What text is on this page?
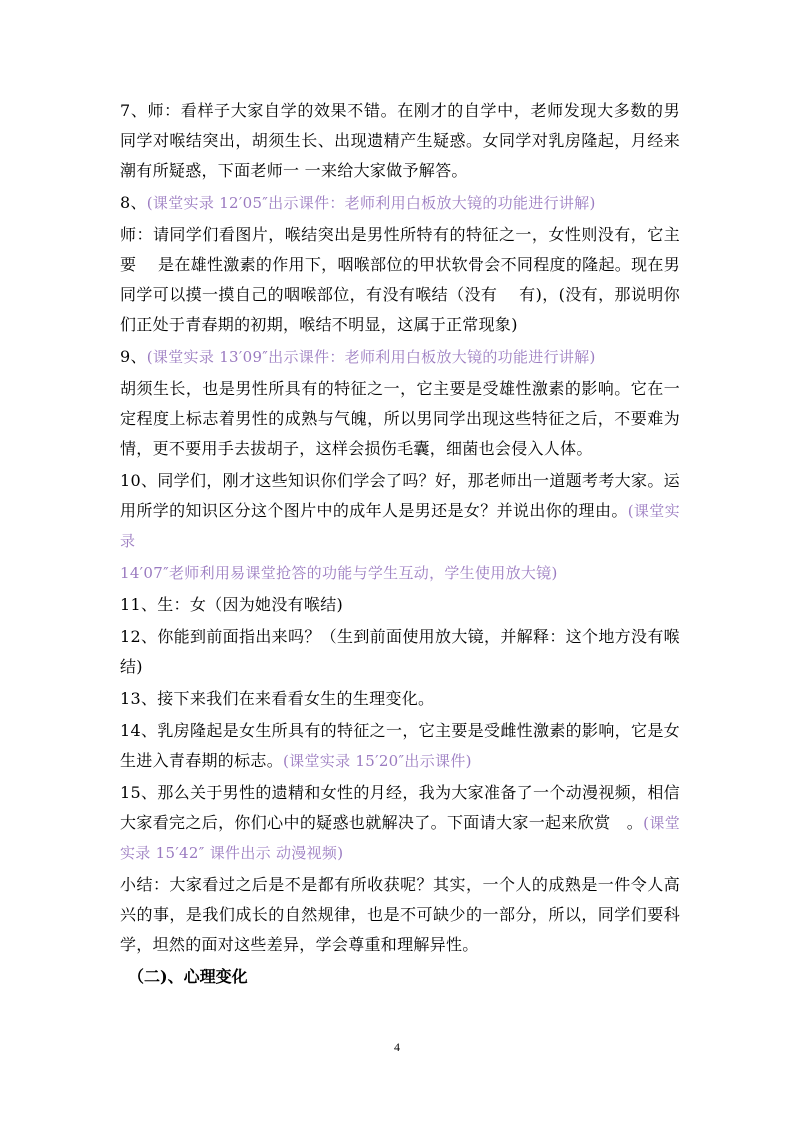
7、师：看样子大家自学的效果不错。在刚才的自学中，老师发现大多数的男同学对喉结突出，胡须生长、出现遗精产生疑惑。女同学对乳房隆起，月经来潮有所疑惑，下面老师一 一来给大家做予解答。

8、(课堂实录 12′05″出示课件：老师利用白板放大镜的功能进行讲解)

师：请同学们看图片，喉结突出是男性所特有的特征之一，女性则没有，它主要　 是在雄性激素的作用下，咽喉部位的甲状软骨会不同程度的隆起。现在男同学可以摸一摸自己的咽喉部位，有没有喉结（没有　 有)，(没有，那说明你们正处于青春期的初期，喉结不明显，这属于正常现象)

9、(课堂实录 13′09″出示课件：老师利用白板放大镜的功能进行讲解)

胡须生长，也是男性所具有的特征之一，它主要是受雄性激素的影响。它在一定程度上标志着男性的成熟与气魄，所以男同学出现这些特征之后，不要难为情，更不要用手去拔胡子，这样会损伤毛囊，细菌也会侵入人体。

10、同学们，刚才这些知识你们学会了吗？好，那老师出一道题考考大家。运用所学的知识区分这个图片中的成年人是男还是女？并说出你的理由。(课堂实录

14′07″老师利用易课堂抢答的功能与学生互动，学生使用放大镜)

11、生：女（因为她没有喉结)

12、你能到前面指出来吗？（生到前面使用放大镜，并解释：这个地方没有喉结)

13、接下来我们在来看看女生的生理变化。

14、乳房隆起是女生所具有的特征之一，它主要是受雌性激素的影响，它是女生进入青春期的标志。(课堂实录 15′20″出示课件)

15、那么关于男性的遗精和女性的月经，我为大家准备了一个动漫视频，相信大家看完之后，你们心中的疑惑也就解决了。下面请大家一起来欣赏　。(课堂实录 15′42″ 课件出示 动漫视频)

小结：大家看过之后是不是都有所收获呢？其实，一个人的成熟是一件令人高兴的事，是我们成长的自然规律，也是不可缺少的一部分，所以，同学们要科学，坦然的面对这些差异，学会尊重和理解异性。

（二)、心理变化
4
